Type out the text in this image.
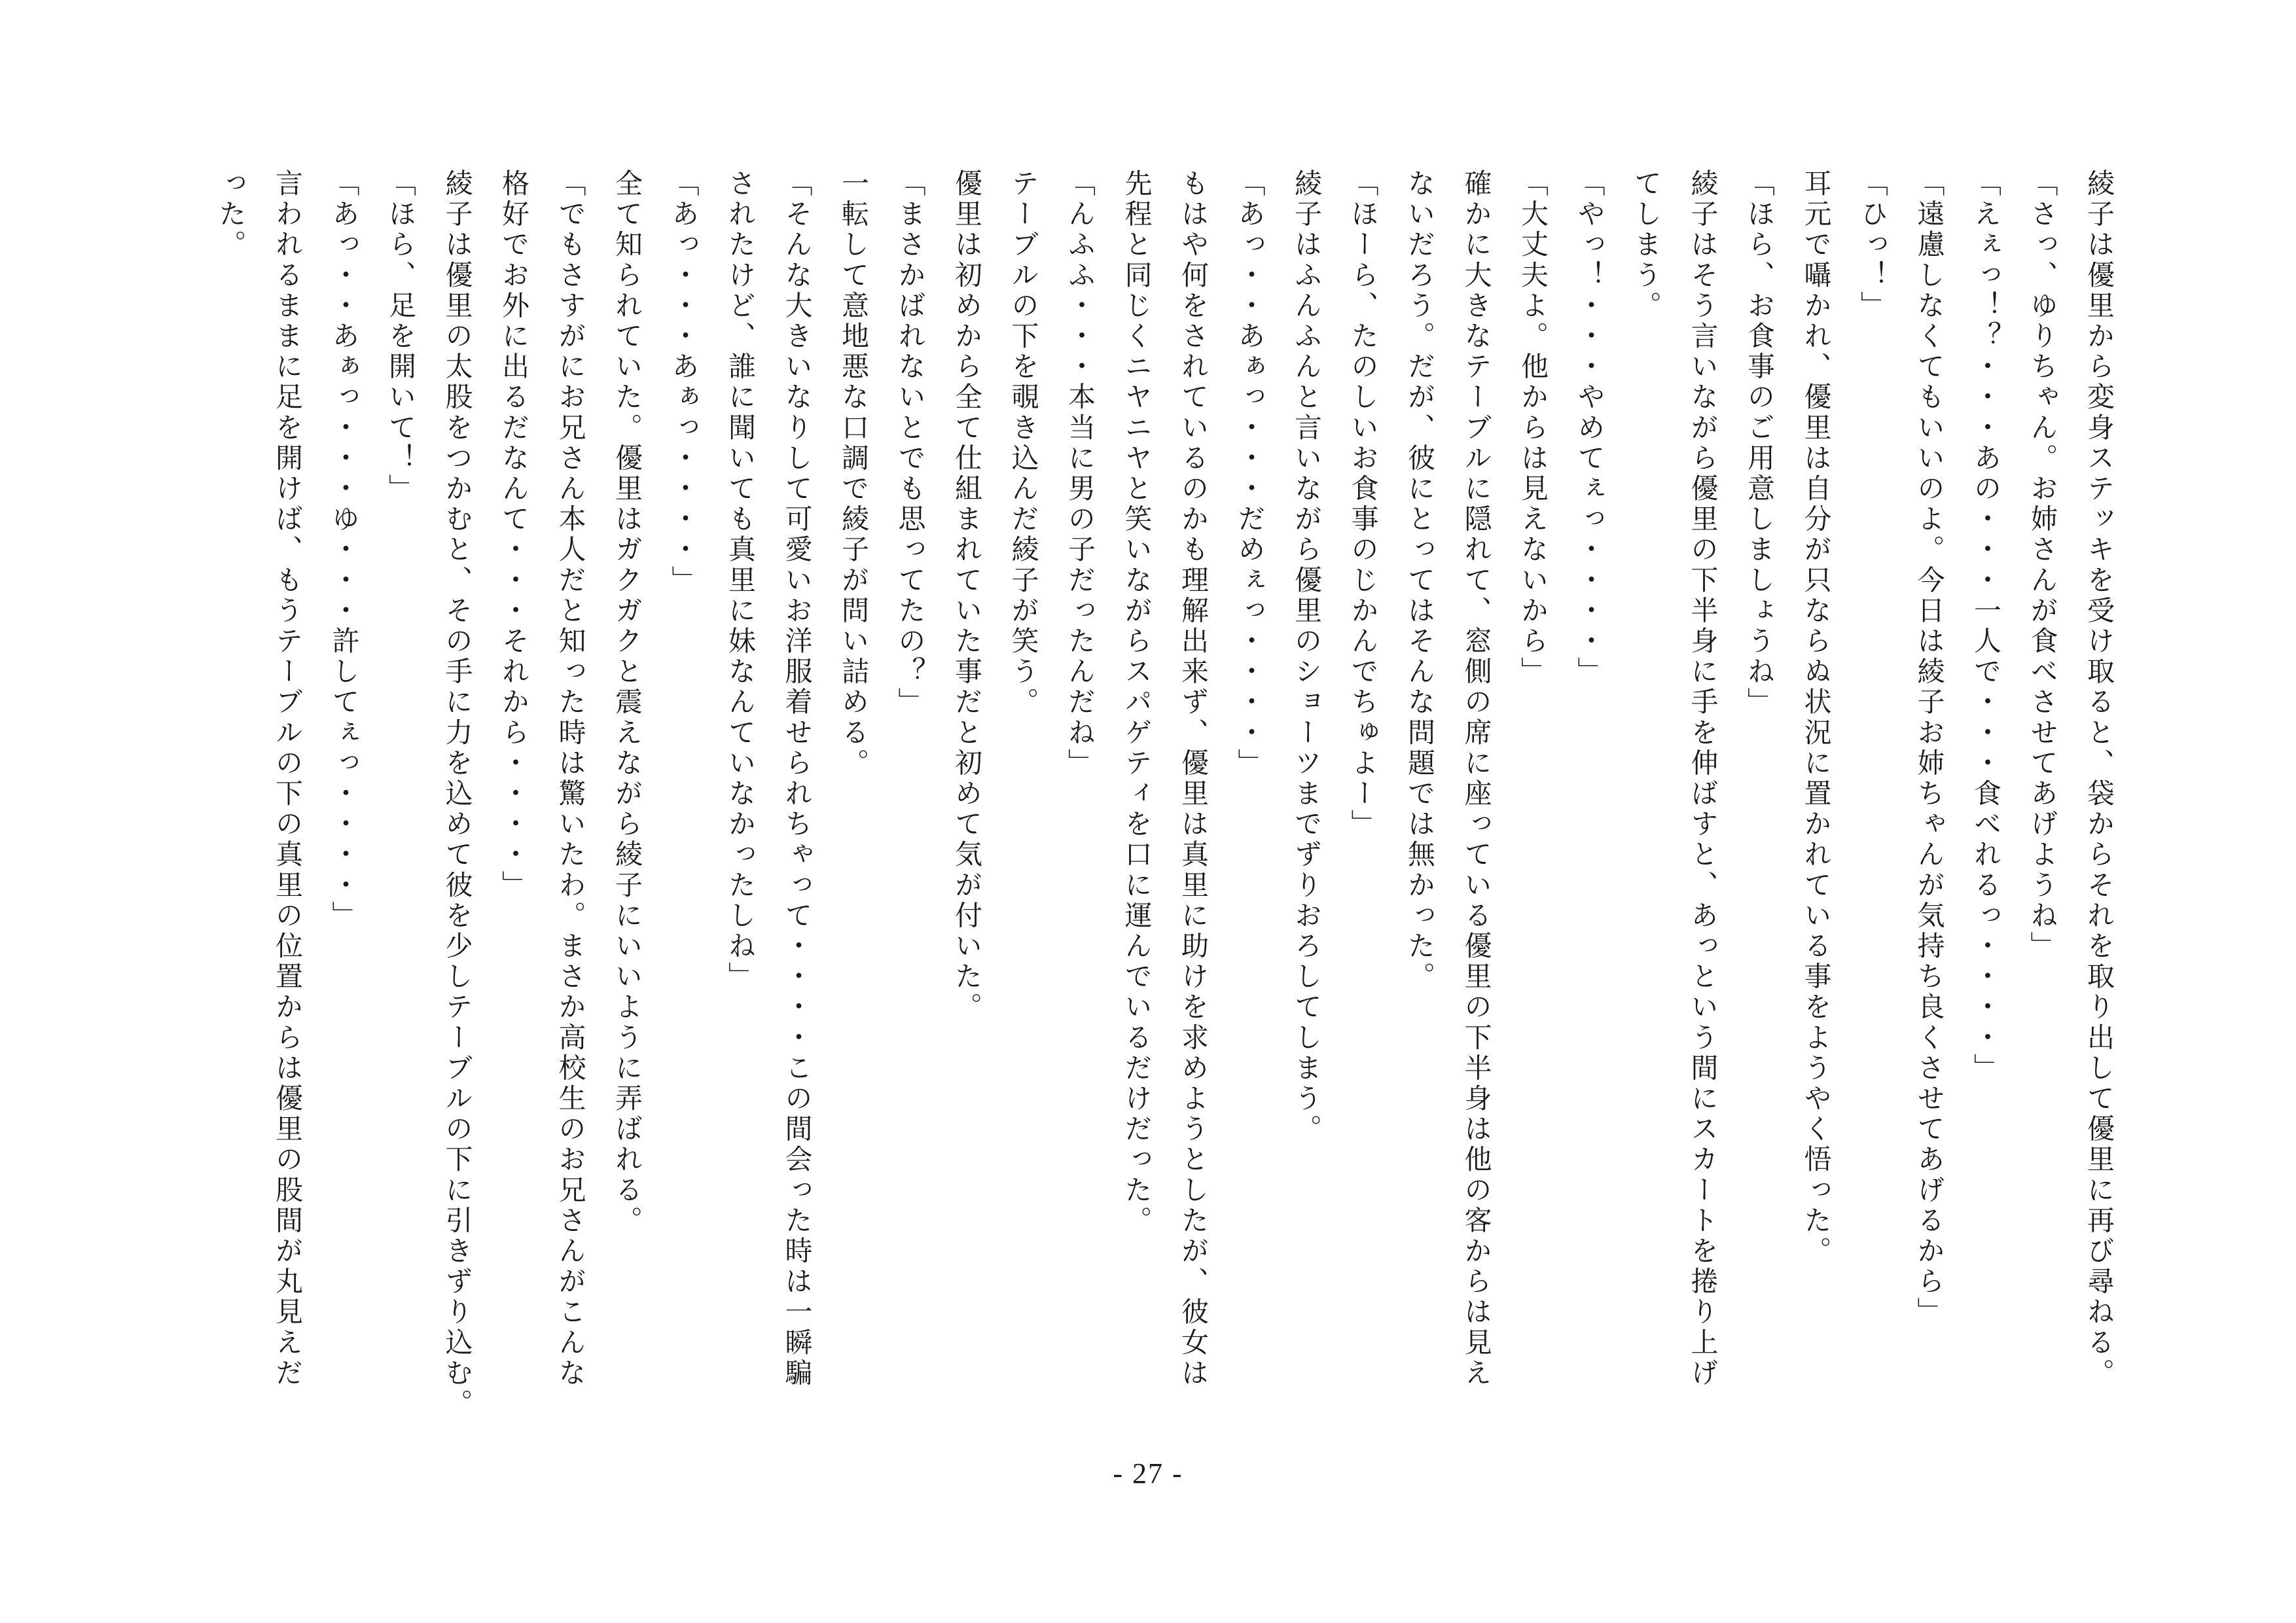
綾子は優里から変身ステッキを受け取ると、袋からそれを取り出して優里に再び尋ねる。

「さっ、ゆりちゃん。お姉さんが食べさせてあげようね」

「えぇっ！？・・・あの・・・一人で・・・食べれるっ・・・・」

「遠慮しなくてもいいのよ。今日は綾子お姉ちゃんが気持ち良くさせてあげるから」

「ひっ！」

耳元で囁かれ、優里は自分が只ならぬ状況に置かれている事をようやく悟った。

「ほら、お食事のご用意しましょうね」

綾子はそう言いながら優里の下半身に手を伸ばすと、あっという間にスカートを捲り上げ

てしまう。

「やっ！・・・やめてぇっ・・・・」

「大丈夫よ。他からは見えないから」

確かに大きなテーブルに隠れて、窓側の席に座っている優里の下半身は他の客からは見え

ないだろう。だが、彼にとってはそんな問題では無かった。

「ほーら、たのしいお食事のじかんでちゅよー」

綾子はふんふんと言いながら優里のショーツまでずりおろしてしまう。

「あっ・・あぁっ・・・だめぇっ・・・・」

もはや何をされているのかも理解出来ず、優里は真里に助けを求めようとしたが、彼女は

先程と同じくニヤニヤと笑いながらスパゲティを口に運んでいるだけだった。

「んふふ・・・本当に男の子だったんだね」

テーブルの下を覗き込んだ綾子が笑う。

優里は初めから全て仕組まれていた事だと初めて気が付いた。

「まさかばれないとでも思ってたの？」

一転して意地悪な口調で綾子が問い詰める。

「そんな大きいなりして可愛いお洋服着せられちゃって・・・・この間会った時は一瞬騙

されたけど、誰に聞いても真里に妹なんていなかったしね」

「あっ・・・あぁっ・・・・」

全て知られていた。優里はガクガクと震えながら綾子にいいように弄ばれる。

「でもさすがにお兄さん本人だと知った時は驚いたわ。まさか高校生のお兄さんがこんな

格好でお外に出るだなんて・・・それから・・・・」

綾子は優里の太股をつかむと、その手に力を込めて彼を少しテーブルの下に引きずり込む。

「ほら、足を開いて！」

「あっ・・あぁっ・・・ゆ・・・許してぇっ・・・・」

言われるままに足を開けば、もうテーブルの下の真里の位置からは優里の股間が丸見えだ

った。

- 27 -
